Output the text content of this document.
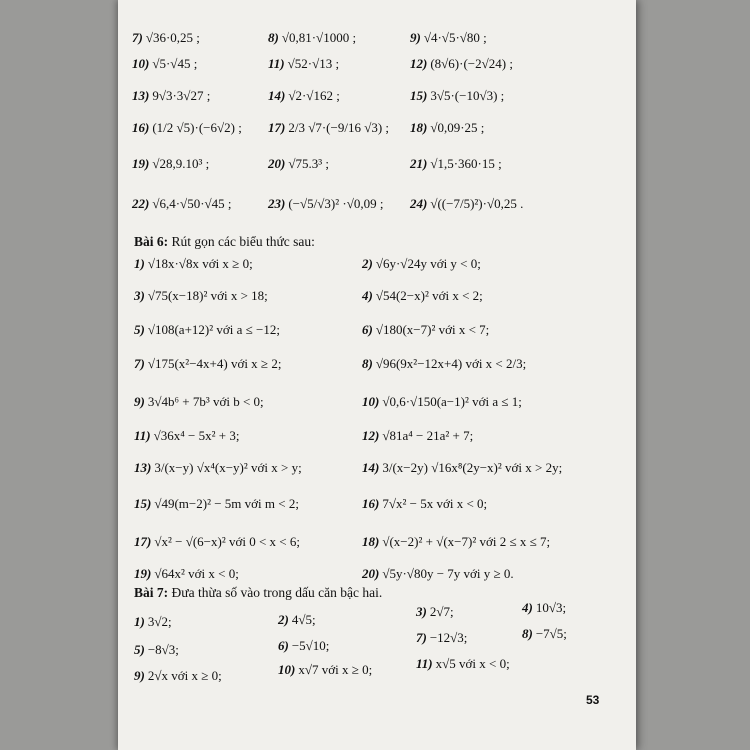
7) √36·0,25 ;	8) √0,81·√1000 ;	9) √4·√5·√80 ;
10) √5·√45 ;	11) √52·√13 ;	12) (8√6)·(−2√24) ;
13) 9√3·3√27 ;	14) √2·√162 ;	15) 3√5·(−10√3) ;
16) (1/2 √5)·(−6√2) ; 17) 2/3 √7·(−9/16 √3) ; 18) √0,09·25 ;
19) √28,9.10³ ;	20) √75.3³ ;	21) √1,5·360·15 ;
22) √6,4·√50·√45 ;	23) (−√5/√3)² ·√0,09 ; 24) √((−7/5)²)·√0,25 .
Bài 6: Rút gọn các biểu thức sau:
1) √18x·√8x với x ≥ 0;	2) √6y·√24y với y < 0;
3) √75(x−18)² với x > 18;	4) √54(2−x)² với x < 2;
5) √108(a+12)² với a ≤ −12;	6) √180(x−7)² với x < 7;
7) √175(x²−4x+4) với x ≥ 2;	8) √96(9x²−12x+4) với x < 2/3;
9) 3√4b⁶ + 7b³ với b < 0;	10) √0,6·√150(a−1)² với a ≤ 1;
11) √36x⁴ − 5x² + 3;	12) √81a⁴ − 21a² + 7;
13) 3/(x−y) √x⁴(x−y)² với x > y;	14) 3/(x−2y) √16x⁸(2y−x)² với x > 2y;
15) √49(m−2)² − 5m với m < 2;	16) 7√x² − 5x với x < 0;
17) √x² − √(6−x)² với 0 < x < 6;	18) √(x−2)² + √(x−7)² với 2 ≤ x ≤ 7;
19) √64x² với x < 0;	20) √5y·√80y − 7y với y ≥ 0.
Bài 7: Đưa thừa số vào trong dấu căn bậc hai.
1) 3√2;	2) 4√5;
3) 2√7;	4) 10√3;
5) −8√3;	6) −5√10;
7) −12√3;	8) −7√5;
9) 2√x với x ≥ 0;	10) x√7 với x ≥ 0;	11) x√5 với x < 0;
53
